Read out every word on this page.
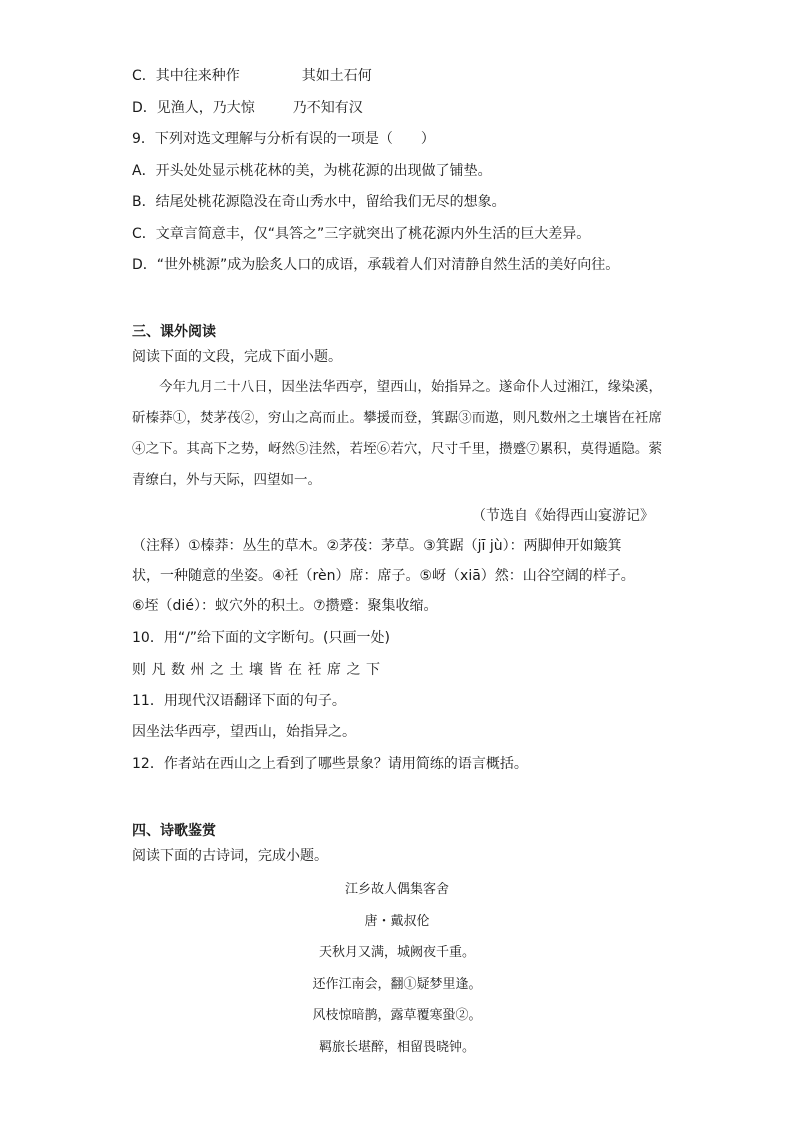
C．其中往来种作	其如土石何
D．见渔人，乃大惊	乃不知有汉
9．下列对选文理解与分析有误的一项是（　　）
A．开头处处显示桃花林的美，为桃花源的出现做了铺垫。
B．结尾处桃花源隐没在奇山秀水中，留给我们无尽的想象。
C．文章言简意丰，仅“具答之”三字就突出了桃花源内外生活的巨大差异。
D．“世外桃源”成为脍炙人口的成语，承载着人们对清静自然生活的美好向往。
三、课外阅读
阅读下面的文段，完成下面小题。

今年九月二十八日，因坐法华西亭，望西山，始指异之。遂命仆人过湘江，缘染溪，斫榛莽①，焚茅茷②，穷山之高而止。攀援而登，箕踞③而遨，则凡数州之土壤皆在衽席④之下。其高下之势，岈然⑤洼然，若垤⑥若穴，尺寸千里，攒蹙⑦累积，莫得遁隐。萦青缭白，外与天际，四望如一。

（节选自《始得西山宴游记》
（注释）①榛莽：丛生的草木。②茅茷：茅草。③箕踞（jī jù）：两脚伸开如簸箕状，一种随意的坐姿。④衽（rèn）席：席子。⑤岈（xiā）然：山谷空阔的样子。⑥垤（dié）：蚁穴外的积土。⑦攒蹙：聚集收缩。
10．用“/”给下面的文字断句。(只画一处)
则凡数州之土壤皆在衽席之下
11．用现代汉语翻译下面的句子。
因坐法华西亭，望西山，始指异之。
12．作者站在西山之上看到了哪些景象？请用简练的语言概括。
四、诗歌鉴赏
阅读下面的古诗词，完成小题。
江乡故人偶集客舍
唐・戴叔伦
天秋月又满，城阙夜千重。
还作江南会，翻①疑梦里逢。
风枝惊暗鹊，露草覆寒蛩②。
羁旅长堪醉，相留畏晓钟。
